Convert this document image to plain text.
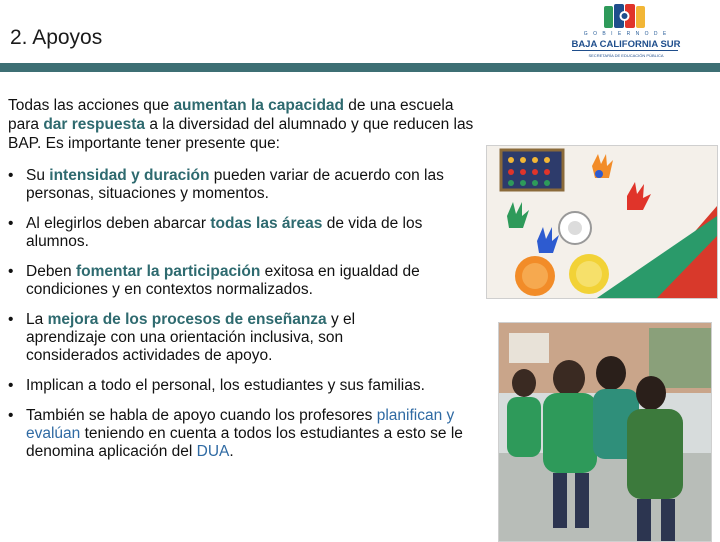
2. Apoyos	G O B I E R N O D E
BAJA CALIFORNIA SUR
SECRETARÍA DE EDUCACIÓN PÚBLICA
Todas las acciones que aumentan la capacidad de una escuela para dar respuesta a la diversidad del alumnado y que reducen las BAP. Es importante tener presente que:
• Su intensidad y duración pueden variar de acuerdo con las personas, situaciones y momentos.
• Al elegirlos deben abarcar todas las áreas de vida de los alumnos.
• Deben fomentar la participación exitosa en igualdad de condiciones y en contextos normalizados.
• La mejora de los procesos de enseñanza y el aprendizaje con una orientación inclusiva, son considerados actividades de apoyo.
• Implican a todo el personal, los estudiantes y sus familias.
• También se habla de apoyo cuando los profesores planifican y evalúan teniendo en cuenta a todos los estudiantes a esto se le denomina aplicación del DUA.
